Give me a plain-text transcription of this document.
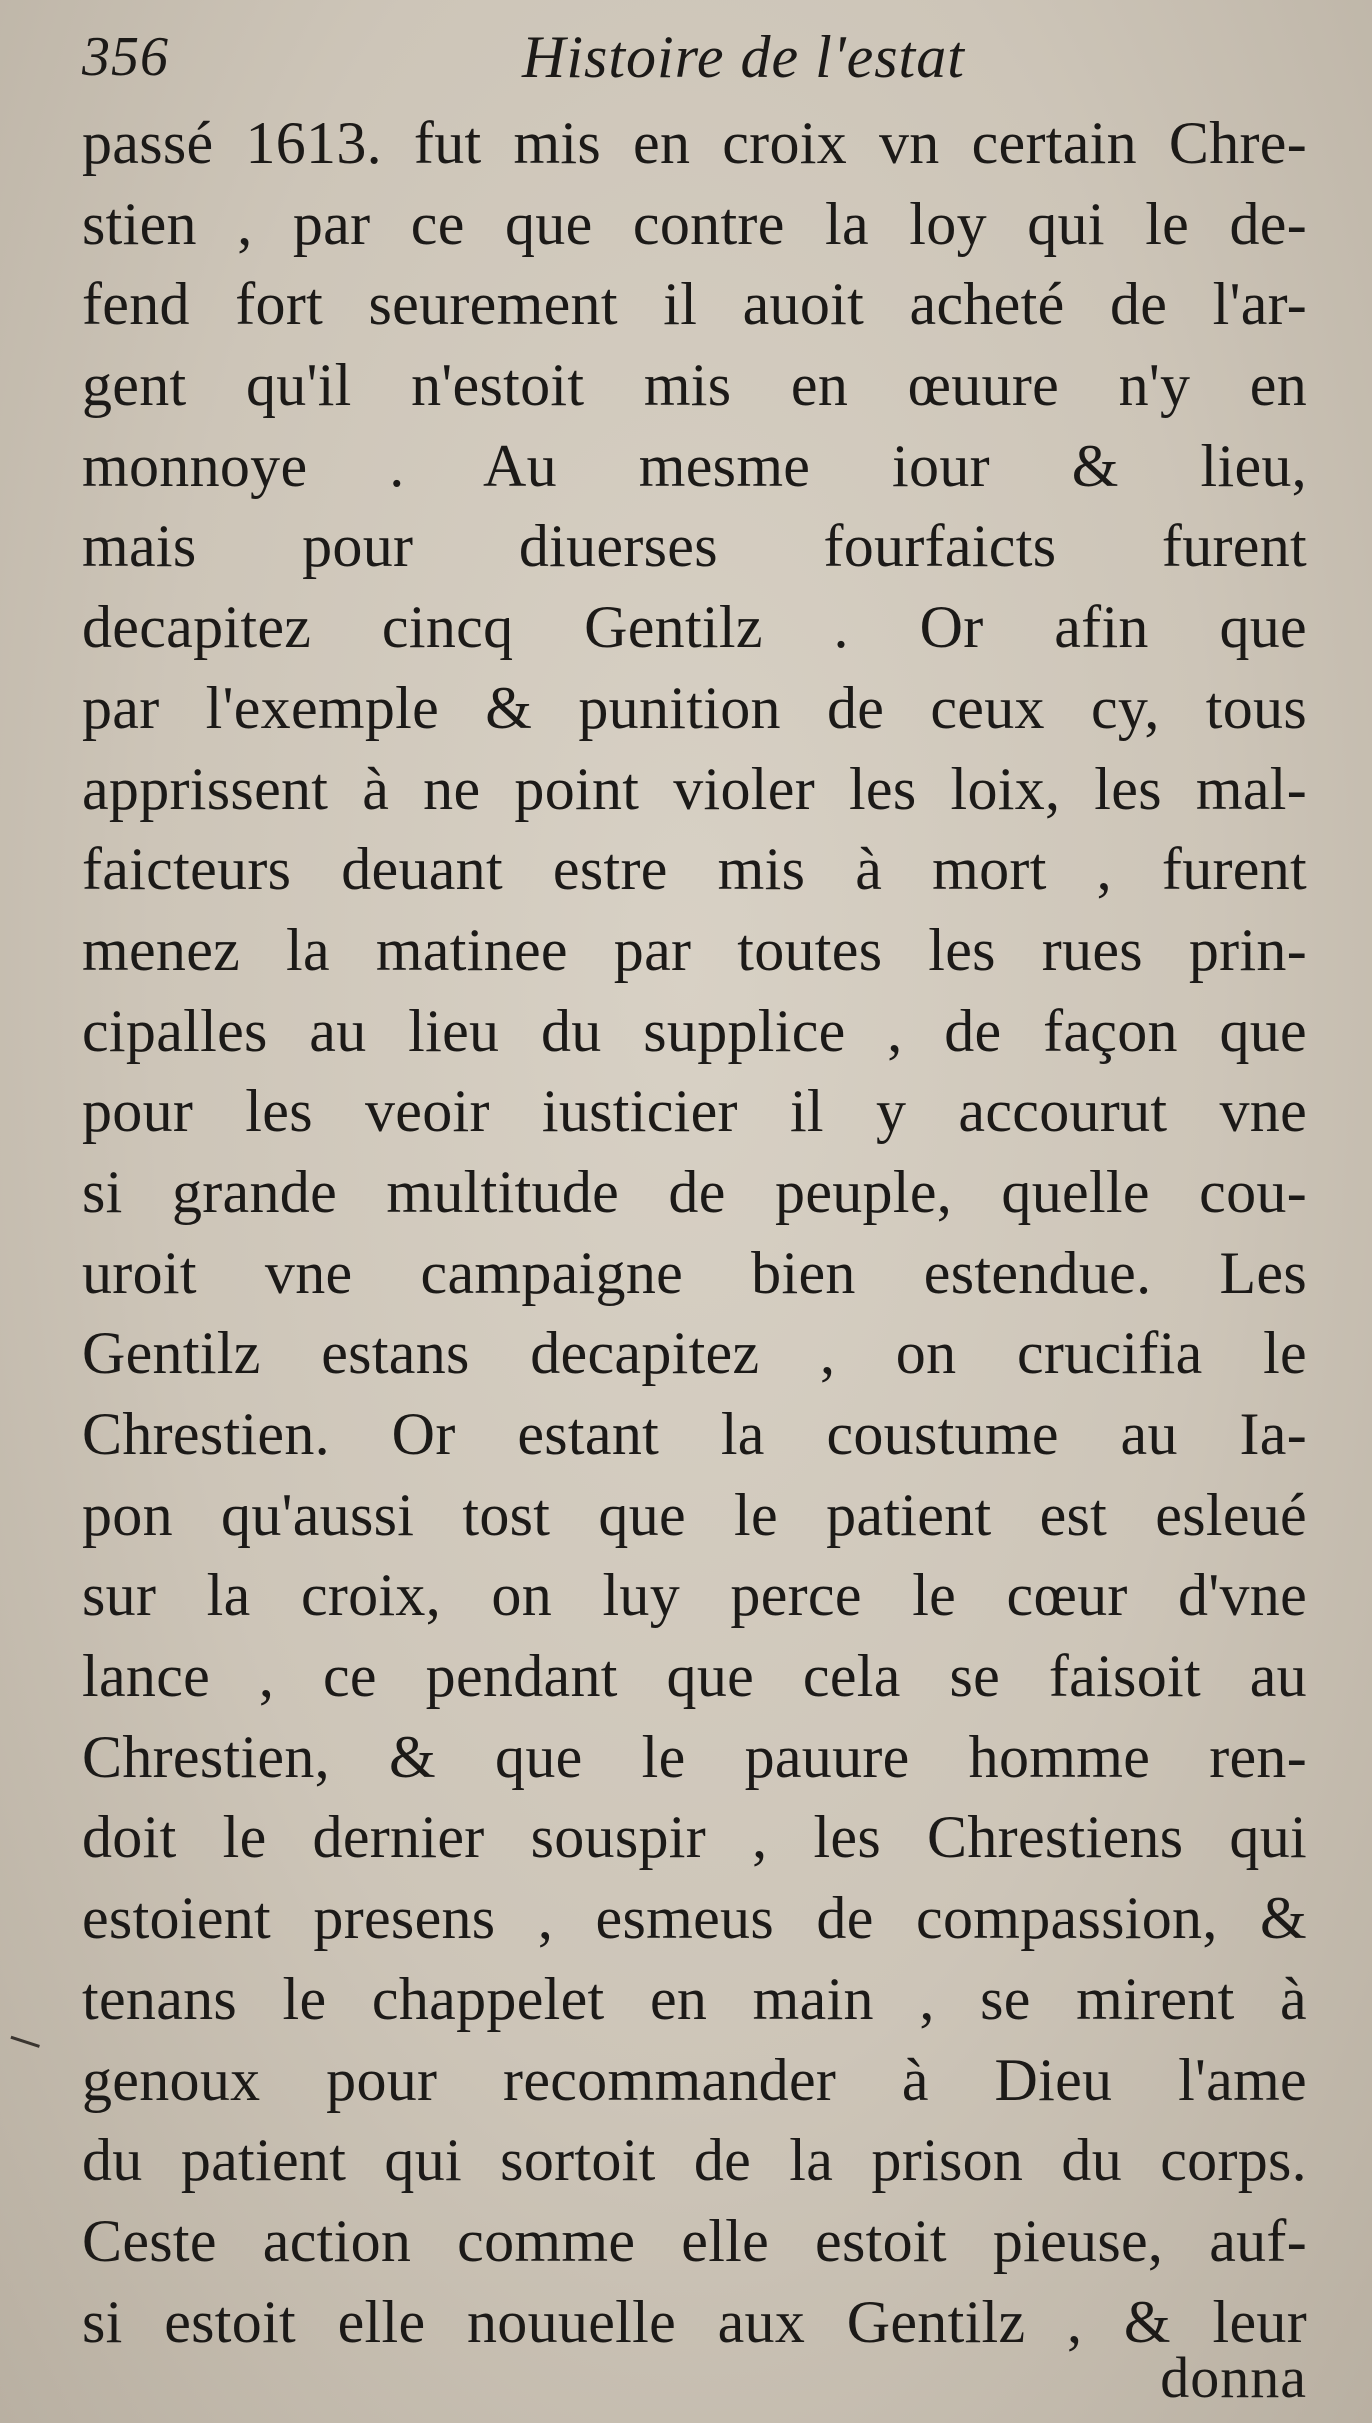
356	Histoire de l'estat
passé 1613. fut mis en croix vn certain Chre-
stien , par ce que contre la loy qui le de-
fend fort seurement il auoit acheté de l'ar-
gent qu'il n'estoit mis en œuure n'y en
monnoye . Au mesme iour & lieu,
mais pour diuerses fourfaicts furent
decapitez cincq Gentilz . Or afin que
par l'exemple & punition de ceux cy, tous
apprissent à ne point violer les loix, les mal-
faicteurs deuant estre mis à mort , furent
menez la matinee par toutes les rues prin-
cipalles au lieu du supplice , de façon que
pour les veoir iusticier il y accourut vne
si grande multitude de peuple, quelle cou-
uroit vne campaigne bien estendue. Les
Gentilz estans decapitez , on crucifia le
Chrestien. Or estant la coustume au Ia-
pon qu'aussi tost que le patient est esleué
sur la croix, on luy perce le cœur d'vne
lance , ce pendant que cela se faisoit au
Chrestien, & que le pauure homme ren-
doit le dernier souspir , les Chrestiens qui
estoient presens , esmeus de compassion, &
tenans le chappelet en main , se mirent à
genoux pour recommander à Dieu l'ame
du patient qui sortoit de la prison du corps.
Ceste action comme elle estoit pieuse, auf-
si estoit elle nouuelle aux Gentilz , & leur
donna
